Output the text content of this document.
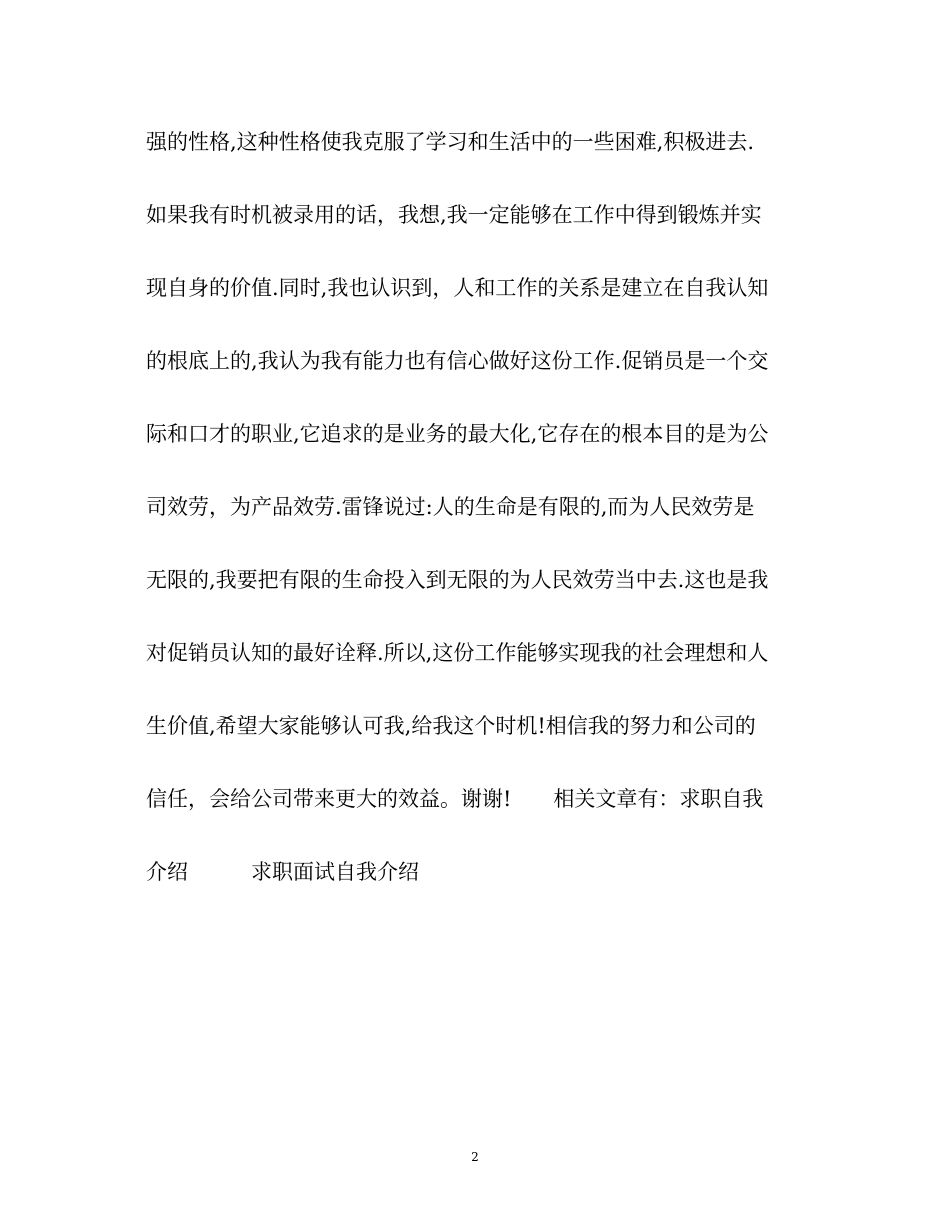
强的性格,这种性格使我克服了学习和生活中的一些困难,积极进去.
如果我有时机被录用的话，我想,我一定能够在工作中得到锻炼并实
现自身的价值.同时,我也认识到，人和工作的关系是建立在自我认知
的根底上的,我认为我有能力也有信心做好这份工作.促销员是一个交
际和口才的职业,它追求的是业务的最大化,它存在的根本目的是为公
司效劳，为产品效劳.雷锋说过:人的生命是有限的,而为人民效劳是
无限的,我要把有限的生命投入到无限的为人民效劳当中去.这也是我
对促销员认知的最好诠释.所以,这份工作能够实现我的社会理想和人
生价值,希望大家能够认可我,给我这个时机!相信我的努力和公司的
信任，会给公司带来更大的效益。谢谢!　　相关文章有：求职自我
介绍　　　求职面试自我介绍
2
